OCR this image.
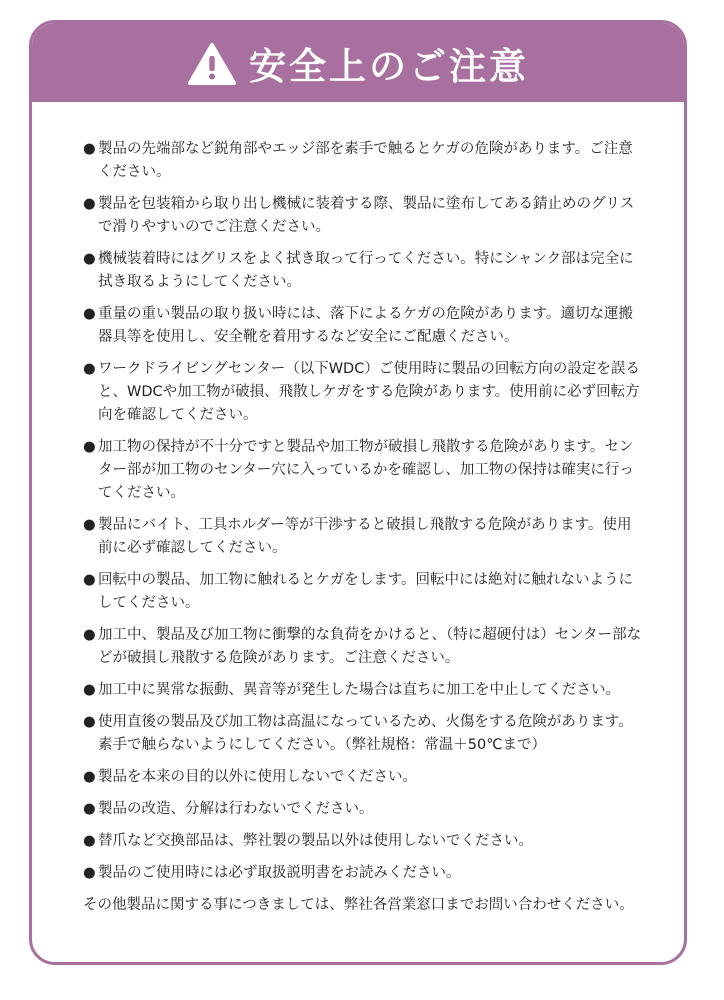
安全上のご注意
● 製品の先端部など鋭角部やエッジ部を素手で触るとケガの危険があります。ご注意ください。
● 製品を包装箱から取り出し機械に装着する際、製品に塗布してある錆止めのグリスで滑りやすいのでご注意ください。
● 機械装着時にはグリスをよく拭き取って行ってください。特にシャンク部は完全に拭き取るようにしてください。
● 重量の重い製品の取り扱い時には、落下によるケガの危険があります。適切な運搬器具等を使用し、安全靴を着用するなど安全にご配慮ください。
● ワークドライビングセンター（以下WDC）ご使用時に製品の回転方向の設定を誤ると、WDCや加工物が破損、飛散しケガをする危険があります。使用前に必ず回転方向を確認してください。
● 加工物の保持が不十分ですと製品や加工物が破損し飛散する危険があります。センター部が加工物のセンター穴に入っているかを確認し、加工物の保持は確実に行ってください。
● 製品にバイト、工具ホルダー等が干渉すると破損し飛散する危険があります。使用前に必ず確認してください。
● 回転中の製品、加工物に触れるとケガをします。回転中には絶対に触れないようにしてください。
● 加工中、製品及び加工物に衝撃的な負荷をかけると、（特に超硬付は）センター部などが破損し飛散する危険があります。ご注意ください。
● 加工中に異常な振動、異音等が発生した場合は直ちに加工を中止してください。
● 使用直後の製品及び加工物は高温になっているため、火傷をする危険があります。素手で触らないようにしてください。（弊社規格：常温＋50℃まで）
● 製品を本来の目的以外に使用しないでください。
● 製品の改造、分解は行わないでください。
● 替爪など交換部品は、弊社製の製品以外は使用しないでください。
● 製品のご使用時には必ず取扱説明書をお読みください。
その他製品に関する事につきましては、弊社各営業窓口までお問い合わせください。
